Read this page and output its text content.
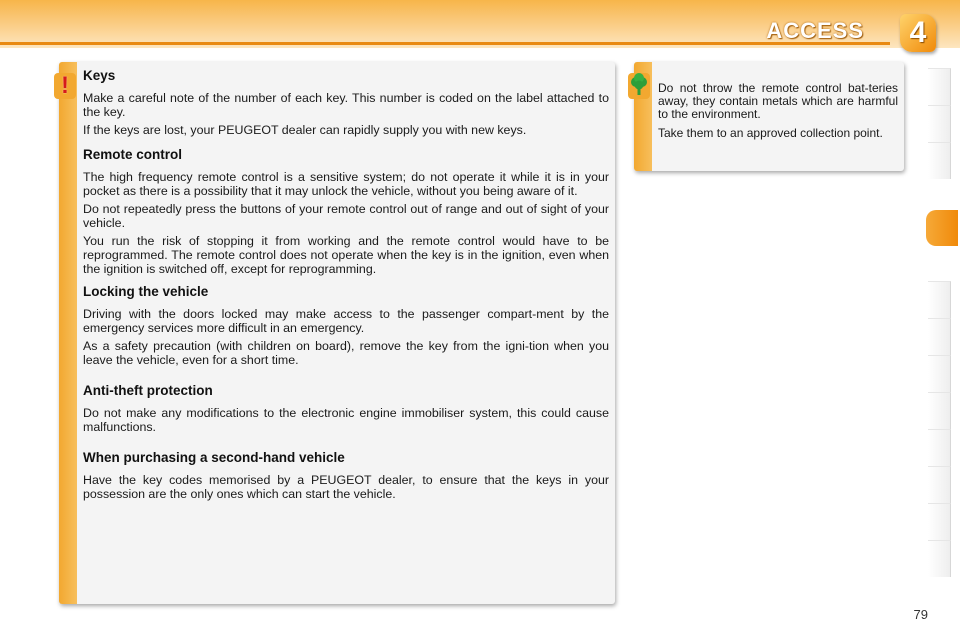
ACCESS	4
Keys

Make a careful note of the number of each key. This number is coded on the label attached to the key.

If the keys are lost, your PEUGEOT dealer can rapidly supply you with new keys.

Remote control

The high frequency remote control is a sensitive system; do not operate it while it is in your pocket as there is a possibility that it may unlock the vehicle, without you being aware of it.

Do not repeatedly press the buttons of your remote control out of range and out of sight of your vehicle.

You run the risk of stopping it from working and the remote control would have to be reprogrammed. The remote control does not operate when the key is in the ignition, even when the ignition is switched off, except for reprogramming.

Locking the vehicle

Driving with the doors locked may make access to the passenger compart-ment by the emergency services more difficult in an emergency.

As a safety precaution (with children on board), remove the key from the igni-tion when you leave the vehicle, even for a short time.

Anti-theft protection

Do not make any modifications to the electronic engine immobiliser system, this could cause malfunctions.

When purchasing a second-hand vehicle

Have the key codes memorised by a PEUGEOT dealer, to ensure that the keys in your possession are the only ones which can start the vehicle.

!	Do not throw the remote control bat-teries away, they contain metals which are harmful to the environment.

Take them to an approved collection point.

79
